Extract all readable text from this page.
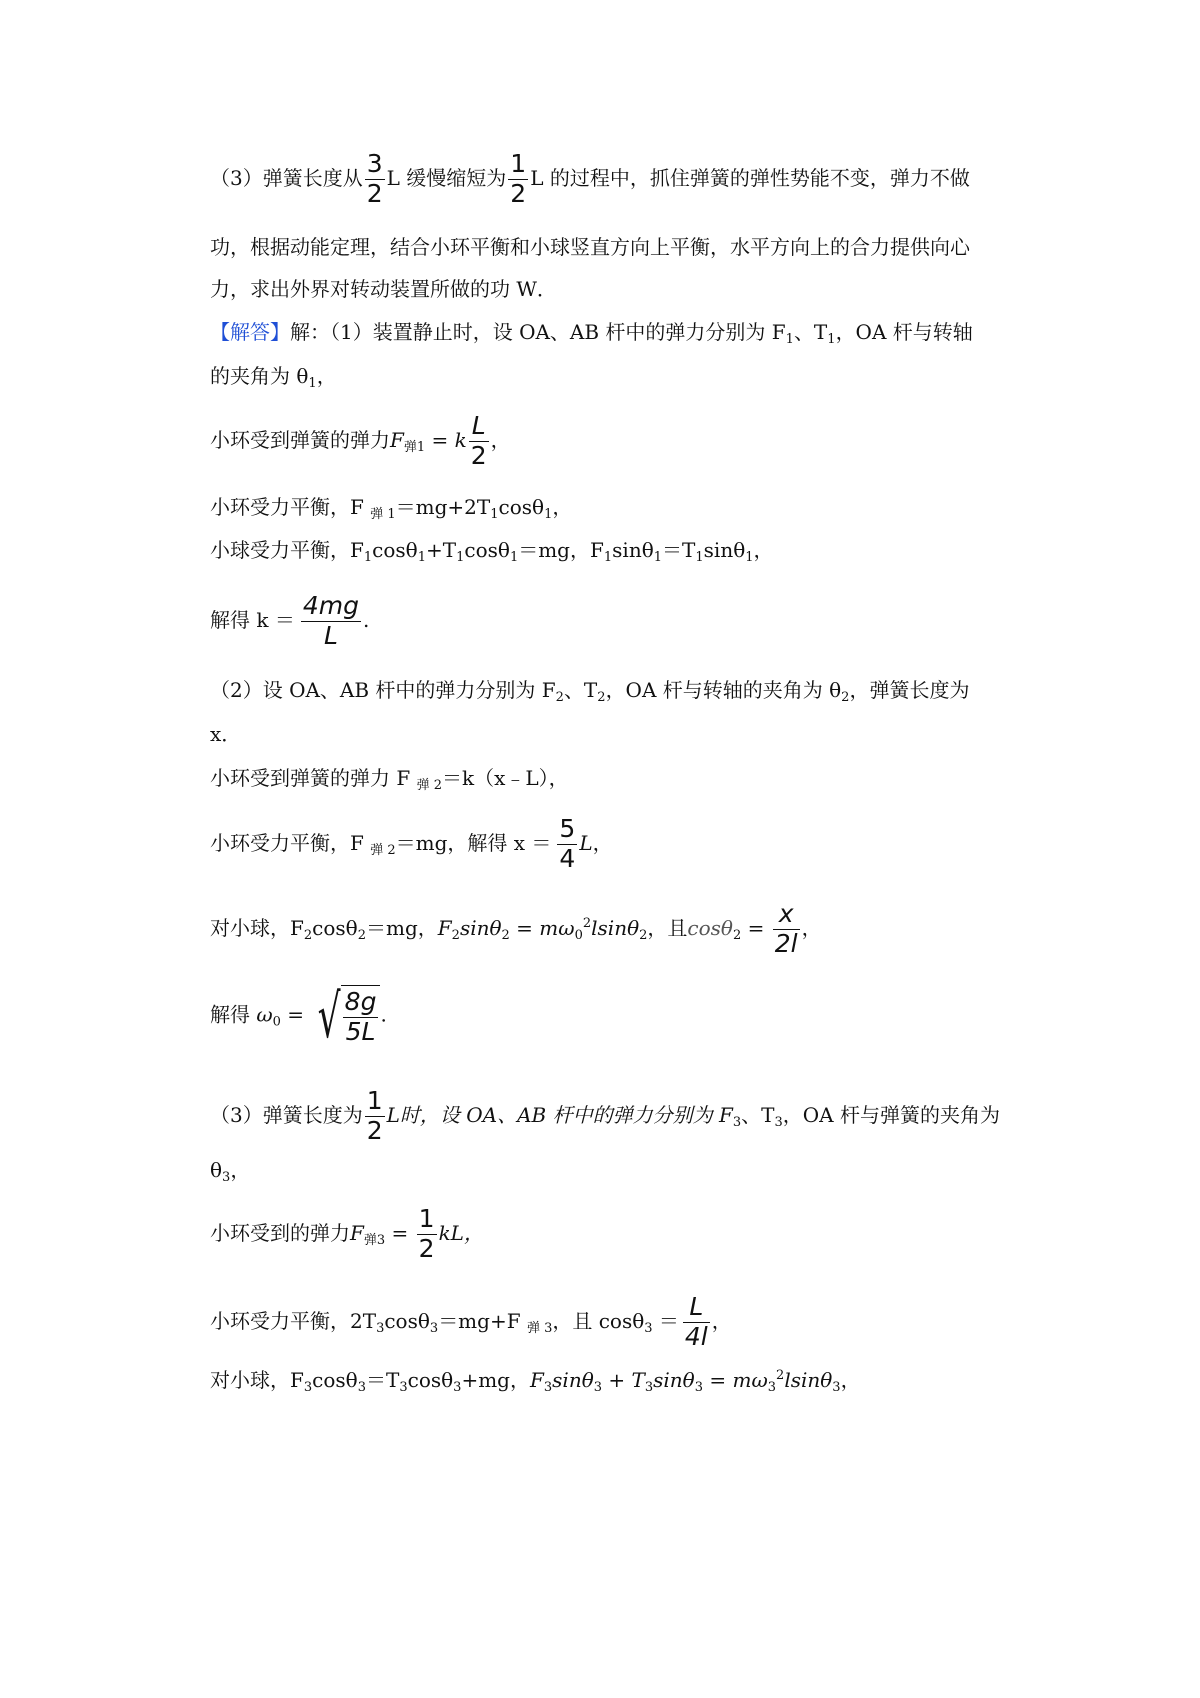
（3）弹簧长度从 $\frac{3}{2}$ L 缓慢缩短为 $\frac{1}{2}$ L 的过程中，抓住弹簧的弹性势能不变，弹力不做
功，根据动能定理，结合小环平衡和小球竖直方向上平衡，水平方向上的合力提供向心
力，求出外界对转动装置所做的功 W．
【解答】解：（1）装置静止时，设 OA、AB 杆中的弹力分别为 $F_1$、$T_1$，OA 杆与转轴
的夹角为 $\theta_1$，
小环受到弹簧的弹力$F_{弹1} = k \frac{L}{2}$ ，
小环受力平衡，F $_{弹 1}=mg+2T_1\cos\theta_1$，
小球受力平衡，$F_1\cos\theta_1+T_1\cos\theta_1=mg$，$F_1\sin\theta_1=T_1\sin\theta_1$，
解得 $k = \frac{4mg}{L}$ .
（2）设 OA、AB 杆中的弹力分别为 $F_2$、$T_2$，OA 杆与转轴的夹角为 $\theta_2$，弹簧长度为
x．
小环受到弹簧的弹力 F $_{弹 2}$＝k（x﹣L），
小环受力平衡，F $_{弹 2}$＝mg，解得 $x = \frac{5}{4}$ L，
对小球，$F_2\cos\theta_2=mg$，$F_2\sin\theta_2 = m\omega_0^2lsin\theta_2$，且$\cos\theta_2 = \frac{x}{2l}$ ，
解得 $\omega_0$ = √ $\frac{8g}{5L}$ .
（3）弹簧长度为 $\frac{1}{2}$ L时，设 OA、AB 杆中的弹力分别为 $F_3$、$T_3$，OA 杆与弹簧的夹角为
$\theta_3$，
小环受到的弹力$F_{弹3} = \frac{1}{2}$ kL，
小环受力平衡，$2T_3\cos\theta_3=mg+F$ $_{弹 3}$，且 $\cos\theta_3 = \frac{L}{4l}$ ，
对小球，$F_3\cos\theta_3=T_3\cos\theta_3+mg$，$F_3\sin\theta_3 + T_3\sin\theta_3 = m\omega_3^2lsin\theta_3$，
